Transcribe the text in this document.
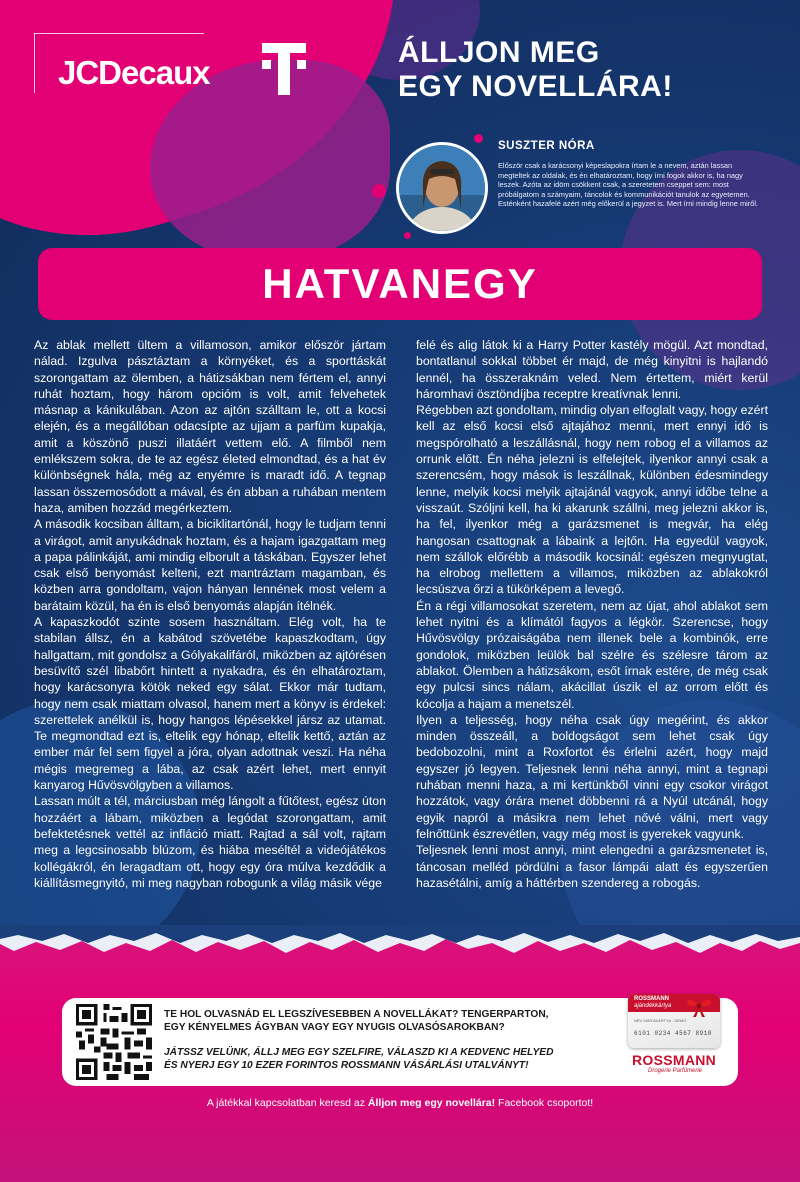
JCDecaux
ÁLLJON MEG
EGY NOVELLÁRA!
SUSZTER NÓRA
Először csak a karácsonyi képeslapokra írtam le a nevem, aztán lassan megteltek az oldalak, és én elhatároztam, hogy írni fogok akkor is, ha nagy leszek. Azóta az idöm csökkent csak, a szeretetem cseppet sem: most próbálgatom a számyaim, táncolok és kommunikációt tanulok az egyetemen. Esténként hazafelé azért még előkerül a jegyzet is. Mert írni mindig lenne miről.
HATVANEGY

Az ablak mellett ültem a villamoson, amikor először jártam nálad. Izgulva pásztáztam a környéket, és a sporttáskát szorongattam az ölemben, a hátizsákban nem fértem el, annyi ruhát hoztam, hogy három opcióm is volt, amit felvehetek másnap a kánikulában. Azon az ajtón szálltam le, ott a kocsi elején, és a megállóban odacsípte az ujjam a parfüm kupakja, amit a köszönő puszi illatáért vettem elő. A filmből nem emlékszem sokra, de te az egész életed elmondtad, és a hat év különbségnek hála, még az enyémre is maradt idő. A tegnap lassan összemosódott a mával, és én abban a ruhában mentem haza, amiben hozzád megérkeztem.

A második kocsiban álltam, a biciklitartónál, hogy le tudjam tenni a virágot, amit anyukádnak hoztam, és a hajam igazgattam meg a papa pálinkáját, ami mindig elborult a táskában. Egyszer lehet csak első benyomást kelteni, ezt mantráztam magamban, és közben arra gondoltam, vajon hányan lennének most velem a barátaim közül, ha én is első benyomás alapján ítélnék.

A kapaszkodót szinte sosem használtam. Elég volt, ha te stabilan állsz, én a kabátod szövetébe kapaszkodtam, úgy hallgattam, mit gondolsz a Gólyakalifáról, miközben az ajtórésen besüvítő szél libabőrt hintett a nyakadra, és én elhatároztam, hogy karácsonyra kötök neked egy sálat. Ekkor már tudtam, hogy nem csak miattam olvasol, hanem mert a könyv is érdekel: szerettelek anélkül is, hogy hangos lépésekkel jársz az utamat. Te megmondtad ezt is, eltelik egy hónap, eltelik kettő, aztán az ember már fel sem figyel a jóra, olyan adottnak veszi. Ha néha mégis megremeg a lába, az csak azért lehet, mert ennyit kanyarog Hűvösvölgyben a villamos.

Lassan múlt a tél, márciusban még lángolt a fűtőtest, egész úton hozzáért a lábam, miközben a legódat szorongattam, amit befektetésnek vettél az infláció miatt. Rajtad a sál volt, rajtam meg a legcsinosabb blúzom, és hiába meséltél a videójátékos kollégákról, én leragadtam ott, hogy egy óra múlva kezdődik a kiállításmegnyitó, mi meg nagyban robogunk a világ másik vége

felé és alig látok ki a Harry Potter kastély mögül. Azt mondtad, bontatlanul sokkal többet ér majd, de még kinyitni is hajlandó lennél, ha összeraknám veled. Nem értettem, miért kerül háromhavi ösztöndíjba receptre kreatívnak lenni.

Régebben azt gondoltam, mindig olyan elfoglalt vagy, hogy ezért kell az első kocsi első ajtajához menni, mert ennyi idő is megspórolható a leszállásnál, hogy nem robog el a villamos az orrunk előtt. Én néha jelezni is elfelejtek, ilyenkor annyi csak a szerencsém, hogy mások is leszállnak, különben édesmindegy lenne, melyik kocsi melyik ajtajánál vagyok, annyi időbe telne a visszaút. Szóljni kell, ha ki akarunk szállni, meg jelezni akkor is, ha fel, ilyenkor még a garázsmenet is megvár, ha elég hangosan csattognak a lábaink a lejtőn. Ha egyedül vagyok, nem szállok előrébb a második kocsinál: egészen megnyugtat, ha elrobog mellettem a villamos, miközben az ablakokról lecsúszva őrzi a tükörképem a levegő.

Én a régi villamosokat szeretem, nem az újat, ahol ablakot sem lehet nyitni és a klímától fagyos a légkör. Szerencse, hogy Hűvösvölgy prózaiságába nem illenek bele a kombinók, erre gondolok, miközben leülök bal szélre és szélesre tárom az ablakot. Ölemben a hátizsákom, esőt írnak estére, de még csak egy pulcsi sincs nálam, akácillat úszik el az orrom előtt és kócolja a hajam a menetszél.

Ilyen a teljesség, hogy néha csak úgy megérint, és akkor minden összeáll, a boldogságot sem lehet csak úgy bedobozolni, mint a Roxfortot és érlelni azért, hogy majd egyszer jó legyen. Teljesnek lenni néha annyi, mint a tegnapi ruhában menni haza, a mi kertünkből vinni egy csokor virágot hozzátok, vagy órára menet döbbenni rá a Nyúl utcánál, hogy egyik napról a másikra nem lehet nővé válni, mert vagy felnőttünk észrevétlen, vagy még most is gyerekek vagyunk.

Teljesnek lenni most annyi, mint elengedni a garázsmenetet is, táncosan melléd pördülni a fasor lámpái alatt és egyszerűen hazasétálni, amíg a háttérben szendereg a robogás.

TE HOL OLVASNÁD EL LEGSZÍVESEBBEN A NOVELLÁKAT? TENGERPARTON,
EGY KÉNYELMES ÁGYBAN VAGY EGY NYUGIS OLVASÓSAROKBAN?
JÁTSSZ VELÜNK, ÁLLJ MEG EGY SZELFIRE, VÁLASZD KI A KEDVENC HELYED
ÉS NYERJ EGY 10 EZER FORINTOS ROSSMANN VÁSÁRLÁSI UTALVÁNYT!
ROSSMANN
ajándékkártya
NÉV MINTAKÁRTYA - DEMO
6101 0234 4567 8910
ROSSMANN
Drogerie Parfümerie
A játékkal kapcsolatban keresd az Álljon meg egy novellára! Facebook csoportot!
